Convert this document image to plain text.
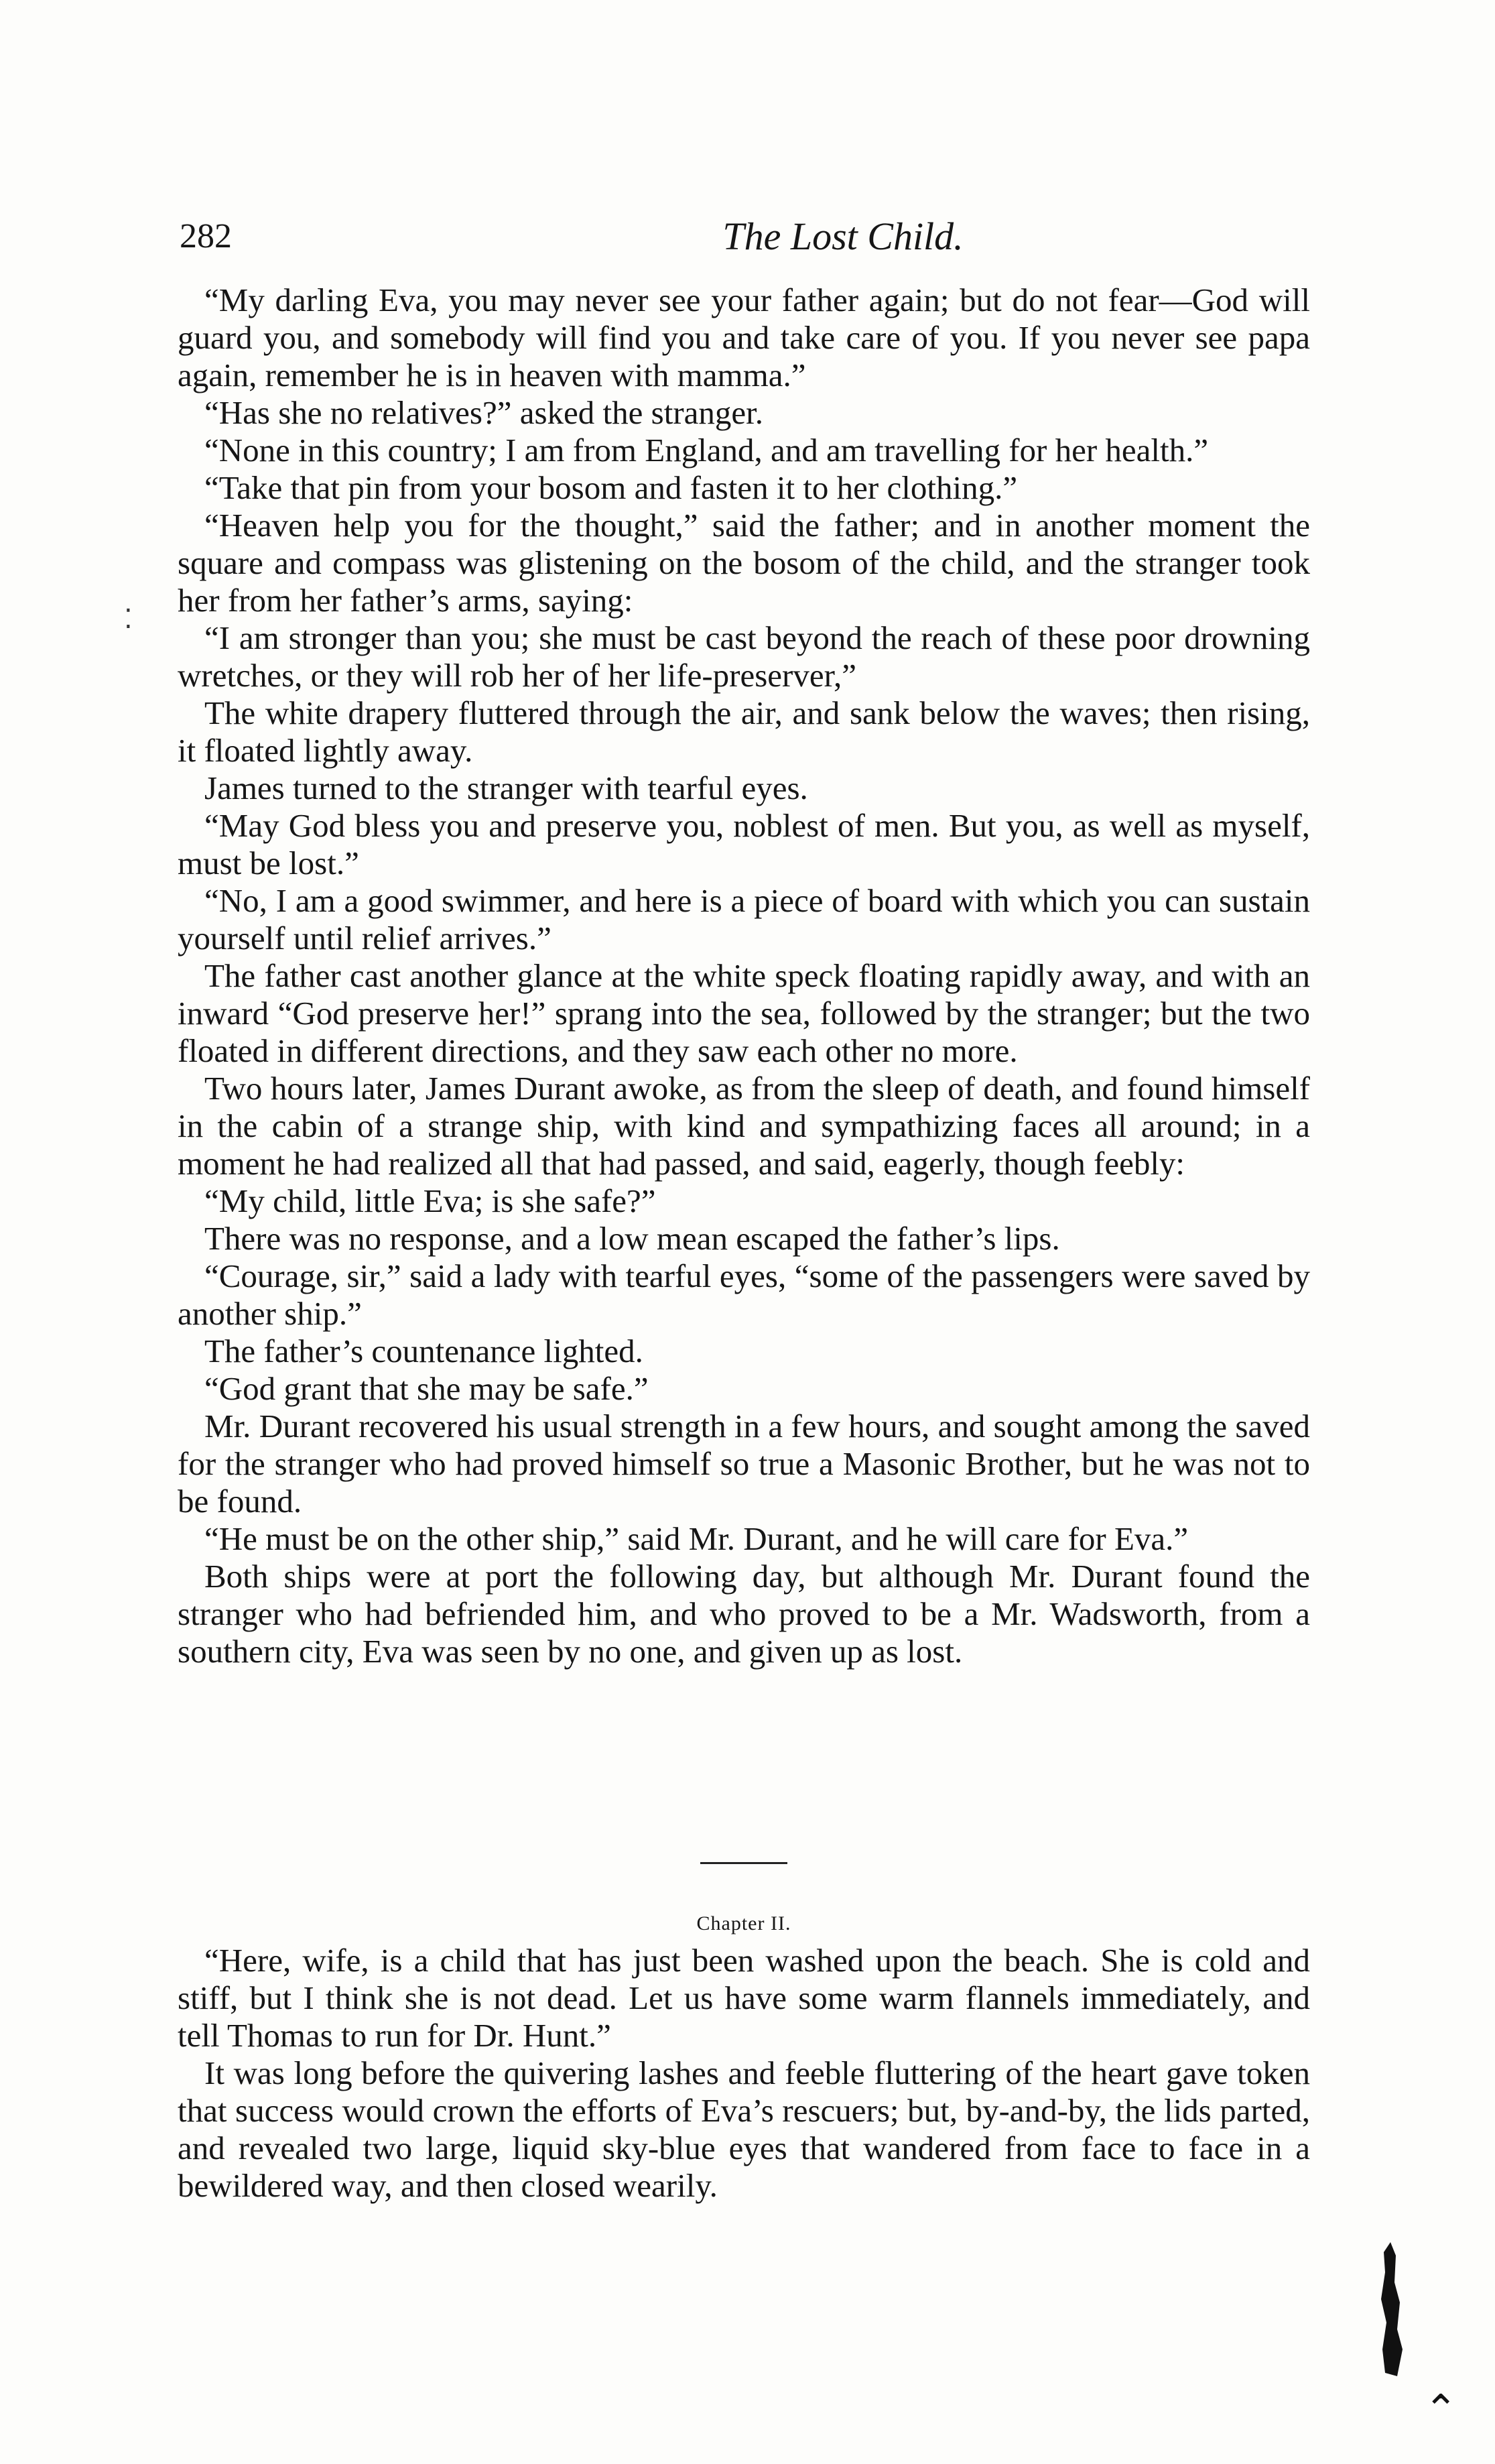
282	The Lost Child.
⁚

“My darling Eva, you may never see your father again; but do not fear—God will guard you, and somebody will find you and take care of you. If you never see papa again, remember he is in heaven with mamma.”

“Has she no relatives?” asked the stranger.

“None in this country; I am from England, and am travelling for her health.”

“Take that pin from your bosom and fasten it to her clothing.”

“Heaven help you for the thought,” said the father; and in another moment the square and compass was glistening on the bosom of the child, and the stranger took her from her father’s arms, saying:

“I am stronger than you; she must be cast beyond the reach of these poor drowning wretches, or they will rob her of her life-preserver,”

The white drapery fluttered through the air, and sank below the waves; then rising, it floated lightly away.

James turned to the stranger with tearful eyes.

“May God bless you and preserve you, noblest of men. But you, as well as myself, must be lost.”

“No, I am a good swimmer, and here is a piece of board with which you can sustain yourself until relief arrives.”

The father cast another glance at the white speck floating rapidly away, and with an inward “God preserve her!” sprang into the sea, followed by the stranger; but the two floated in different directions, and they saw each other no more.

Two hours later, James Durant awoke, as from the sleep of death, and found himself in the cabin of a strange ship, with kind and sympathizing faces all around; in a moment he had realized all that had passed, and said, eagerly, though feebly:

“My child, little Eva; is she safe?”

There was no response, and a low mean escaped the father’s lips.

“Courage, sir,” said a lady with tearful eyes, “some of the passengers were saved by another ship.”

The father’s countenance lighted.

“God grant that she may be safe.”

Mr. Durant recovered his usual strength in a few hours, and sought among the saved for the stranger who had proved himself so true a Masonic Brother, but he was not to be found.

“He must be on the other ship,” said Mr. Durant, and he will care for Eva.”

Both ships were at port the following day, but although Mr. Durant found the stranger who had befriended him, and who proved to be a Mr. Wadsworth, from a southern city, Eva was seen by no one, and given up as lost.

Chapter II.

“Here, wife, is a child that has just been washed upon the beach. She is cold and stiff, but I think she is not dead. Let us have some warm flannels immediately, and tell Thomas to run for Dr. Hunt.”

It was long before the quivering lashes and feeble fluttering of the heart gave token that success would crown the efforts of Eva’s rescuers; but, by-and-by, the lids parted, and revealed two large, liquid sky-blue eyes that wandered from face to face in a bewildered way, and then closed wearily.

⌃
